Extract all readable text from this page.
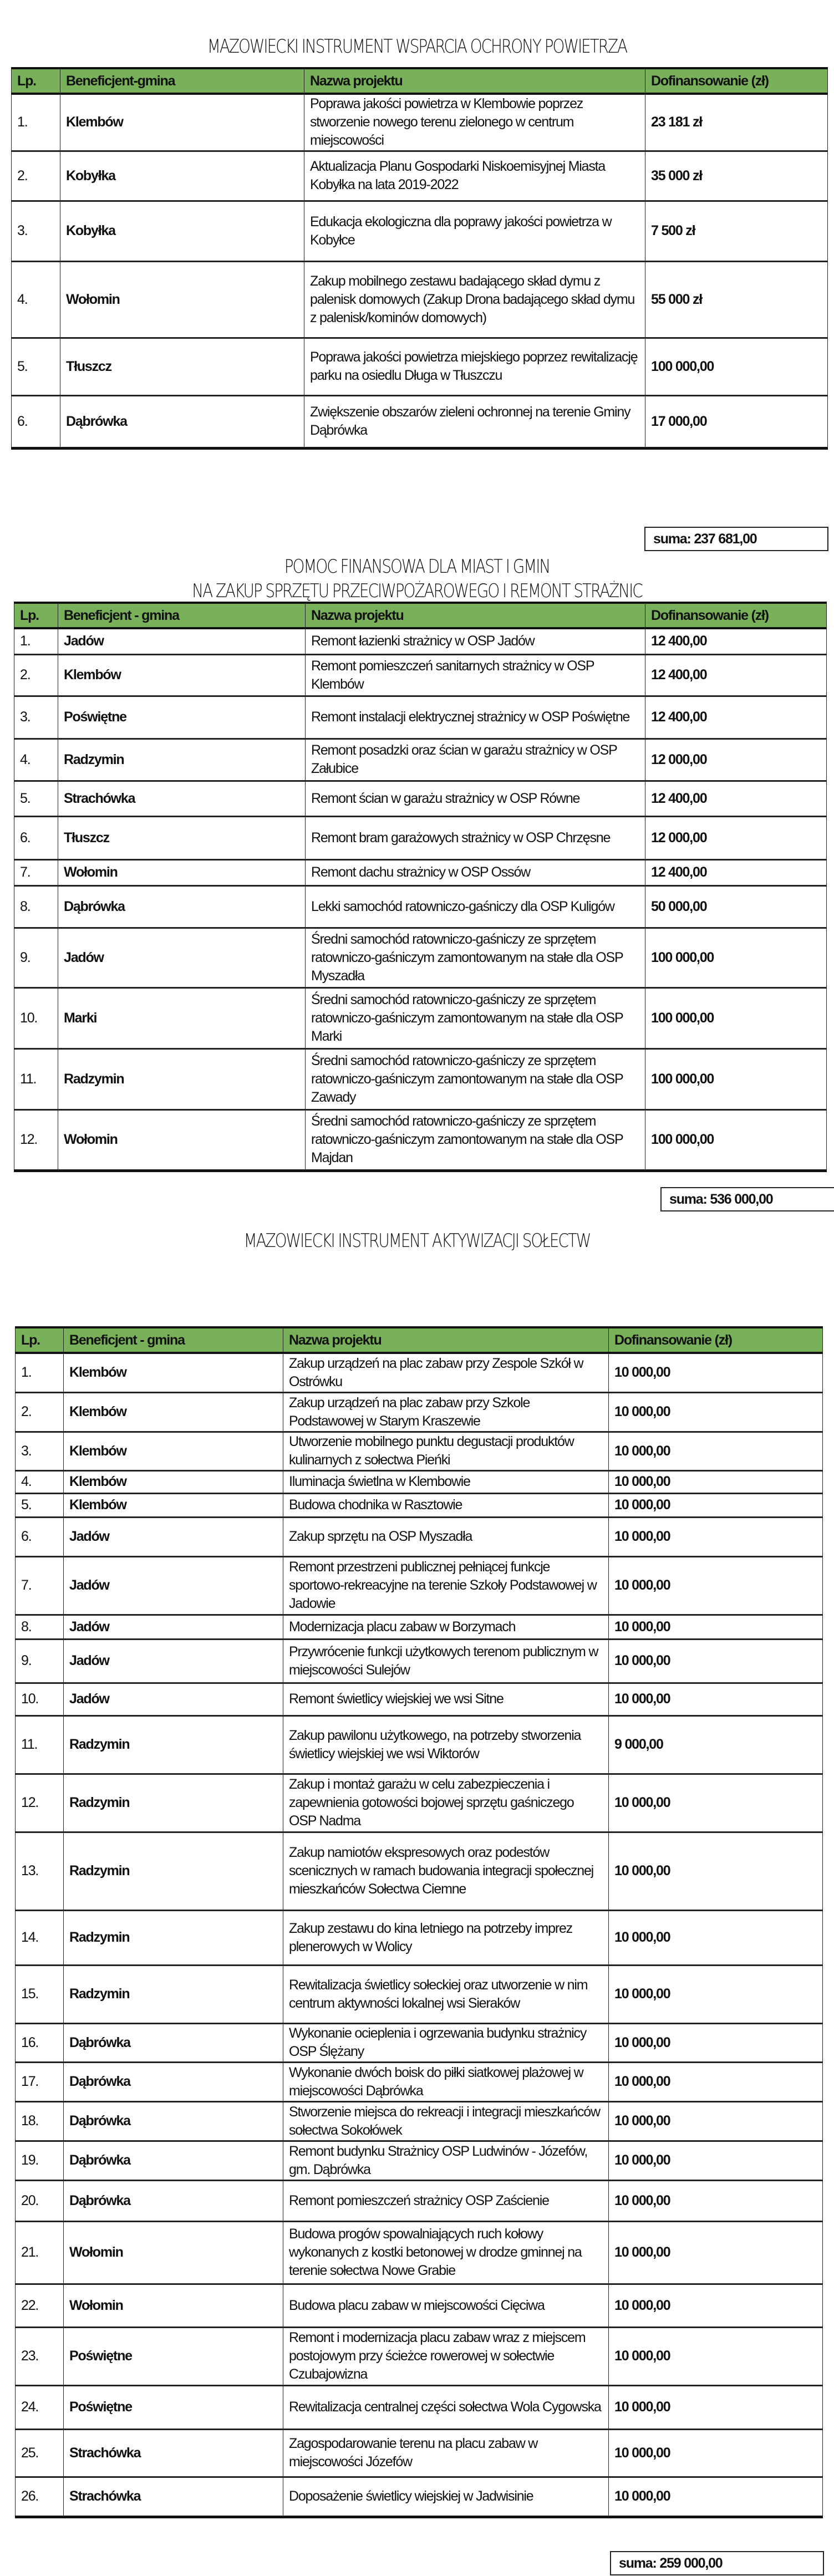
MAZOWIECKI INSTRUMENT WSPARCIA OCHRONY POWIETRZA
Lp.	Beneficjent-gmina	Nazwa projektu	Dofinansowanie (zł)
1.	Klembów	Poprawa jakości powietrza w Klembowie poprzez stworzenie nowego terenu zielonego w centrum miejscowości	23 181 zł
2.	Kobyłka	Aktualizacja Planu Gospodarki Niskoemisyjnej Miasta Kobyłka na lata 2019-2022	35 000 zł
3.	Kobyłka	Edukacja ekologiczna dla poprawy jakości powietrza w Kobyłce	7 500 zł
4.	Wołomin	Zakup mobilnego zestawu badającego skład dymu z palenisk domowych (Zakup Drona badającego skład dymu z palenisk/kominów domowych)	55 000 zł
5.	Tłuszcz	Poprawa jakości powietrza miejskiego poprzez rewitalizację parku na osiedlu Długa w Tłuszczu	100 000,00
6.	Dąbrówka	Zwiększenie obszarów zieleni ochronnej na terenie Gminy Dąbrówka	17 000,00
suma: 237 681,00
POMOC FINANSOWA DLA MIAST I GMIN
NA ZAKUP SPRZĘTU PRZECIWPOŻAROWEGO I REMONT STRAŻNIC
Lp.	Beneficjent - gmina	Nazwa projektu	Dofinansowanie (zł)
1.	Jadów	Remont łazienki strażnicy w OSP Jadów	12 400,00
2.	Klembów	Remont pomieszczeń sanitarnych strażnicy w OSP Klembów	12 400,00
3.	Poświętne	Remont instalacji elektrycznej strażnicy w OSP Poświętne	12 400,00
4.	Radzymin	Remont posadzki oraz ścian w garażu strażnicy w OSP Załubice	12 000,00
5.	Strachówka	Remont ścian w garażu strażnicy w OSP Równe	12 400,00
6.	Tłuszcz	Remont bram garażowych strażnicy w OSP Chrzęsne	12 000,00
7.	Wołomin	Remont dachu strażnicy w OSP Ossów	12 400,00
8.	Dąbrówka	Lekki samochód ratowniczo-gaśniczy dla OSP Kuligów	50 000,00
9.	Jadów	Średni samochód ratowniczo-gaśniczy ze sprzętem ratowniczo-gaśniczym zamontowanym na stałe dla OSP Myszadła	100 000,00
10.	Marki	Średni samochód ratowniczo-gaśniczy ze sprzętem ratowniczo-gaśniczym zamontowanym na stałe dla OSP Marki	100 000,00
11.	Radzymin	Średni samochód ratowniczo-gaśniczy ze sprzętem ratowniczo-gaśniczym zamontowanym na stałe dla OSP Zawady	100 000,00
12.	Wołomin	Średni samochód ratowniczo-gaśniczy ze sprzętem ratowniczo-gaśniczym zamontowanym na stałe dla OSP Majdan	100 000,00
suma: 536 000,00
MAZOWIECKI INSTRUMENT AKTYWIZACJI SOŁECTW
Lp.	Beneficjent - gmina	Nazwa projektu	Dofinansowanie (zł)
1.	Klembów	Zakup urządzeń na plac zabaw przy Zespole Szkół w Ostrówku	10 000,00
2.	Klembów	Zakup urządzeń na plac zabaw przy Szkole Podstawowej w Starym Kraszewie	10 000,00
3.	Klembów	Utworzenie mobilnego punktu degustacji produktów kulinarnych z sołectwa Pieńki	10 000,00
4.	Klembów	Iluminacja świetlna w Klembowie	10 000,00
5.	Klembów	Budowa chodnika w Rasztowie	10 000,00
6.	Jadów	Zakup sprzętu na OSP Myszadła	10 000,00
7.	Jadów	Remont przestrzeni publicznej pełniącej funkcje sportowo-rekreacyjne na terenie Szkoły Podstawowej w Jadowie	10 000,00
8.	Jadów	Modernizacja placu zabaw w Borzymach	10 000,00
9.	Jadów	Przywrócenie funkcji użytkowych terenom publicznym w miejscowości Sulejów	10 000,00
10.	Jadów	Remont świetlicy wiejskiej we wsi Sitne	10 000,00
11.	Radzymin	Zakup pawilonu użytkowego, na potrzeby stworzenia świetlicy wiejskiej we wsi Wiktorów	9 000,00
12.	Radzymin	Zakup i montaż garażu w celu zabezpieczenia i zapewnienia gotowości bojowej sprzętu gaśniczego OSP Nadma	10 000,00
13.	Radzymin	Zakup namiotów ekspresowych oraz podestów scenicznych w ramach budowania integracji społecznej mieszkańców Sołectwa Ciemne	10 000,00
14.	Radzymin	Zakup zestawu do kina letniego na potrzeby imprez plenerowych w Wolicy	10 000,00
15.	Radzymin	Rewitalizacja świetlicy sołeckiej oraz utworzenie w nim centrum aktywności lokalnej wsi Sieraków	10 000,00
16.	Dąbrówka	Wykonanie ocieplenia i ogrzewania budynku strażnicy OSP Ślężany	10 000,00
17.	Dąbrówka	Wykonanie dwóch boisk do piłki siatkowej plażowej w miejscowości Dąbrówka	10 000,00
18.	Dąbrówka	Stworzenie miejsca do rekreacji i integracji mieszkańców sołectwa Sokołówek	10 000,00
19.	Dąbrówka	Remont budynku Strażnicy OSP Ludwinów - Józefów, gm. Dąbrówka	10 000,00
20.	Dąbrówka	Remont pomieszczeń strażnicy OSP Zaścienie	10 000,00
21.	Wołomin	Budowa progów spowalniających ruch kołowy wykonanych z kostki betonowej w drodze gminnej na terenie sołectwa Nowe Grabie	10 000,00
22.	Wołomin	Budowa placu zabaw w miejscowości Cięciwa	10 000,00
23.	Poświętne	Remont i modernizacja placu zabaw wraz z miejscem postojowym przy ścieżce rowerowej w sołectwie Czubajowizna	10 000,00
24.	Poświętne	Rewitalizacja centralnej części sołectwa Wola Cygowska	10 000,00
25.	Strachówka	Zagospodarowanie terenu na placu zabaw w miejscowości Józefów	10 000,00
26.	Strachówka	Doposażenie świetlicy wiejskiej w Jadwisinie	10 000,00
suma: 259 000,00
